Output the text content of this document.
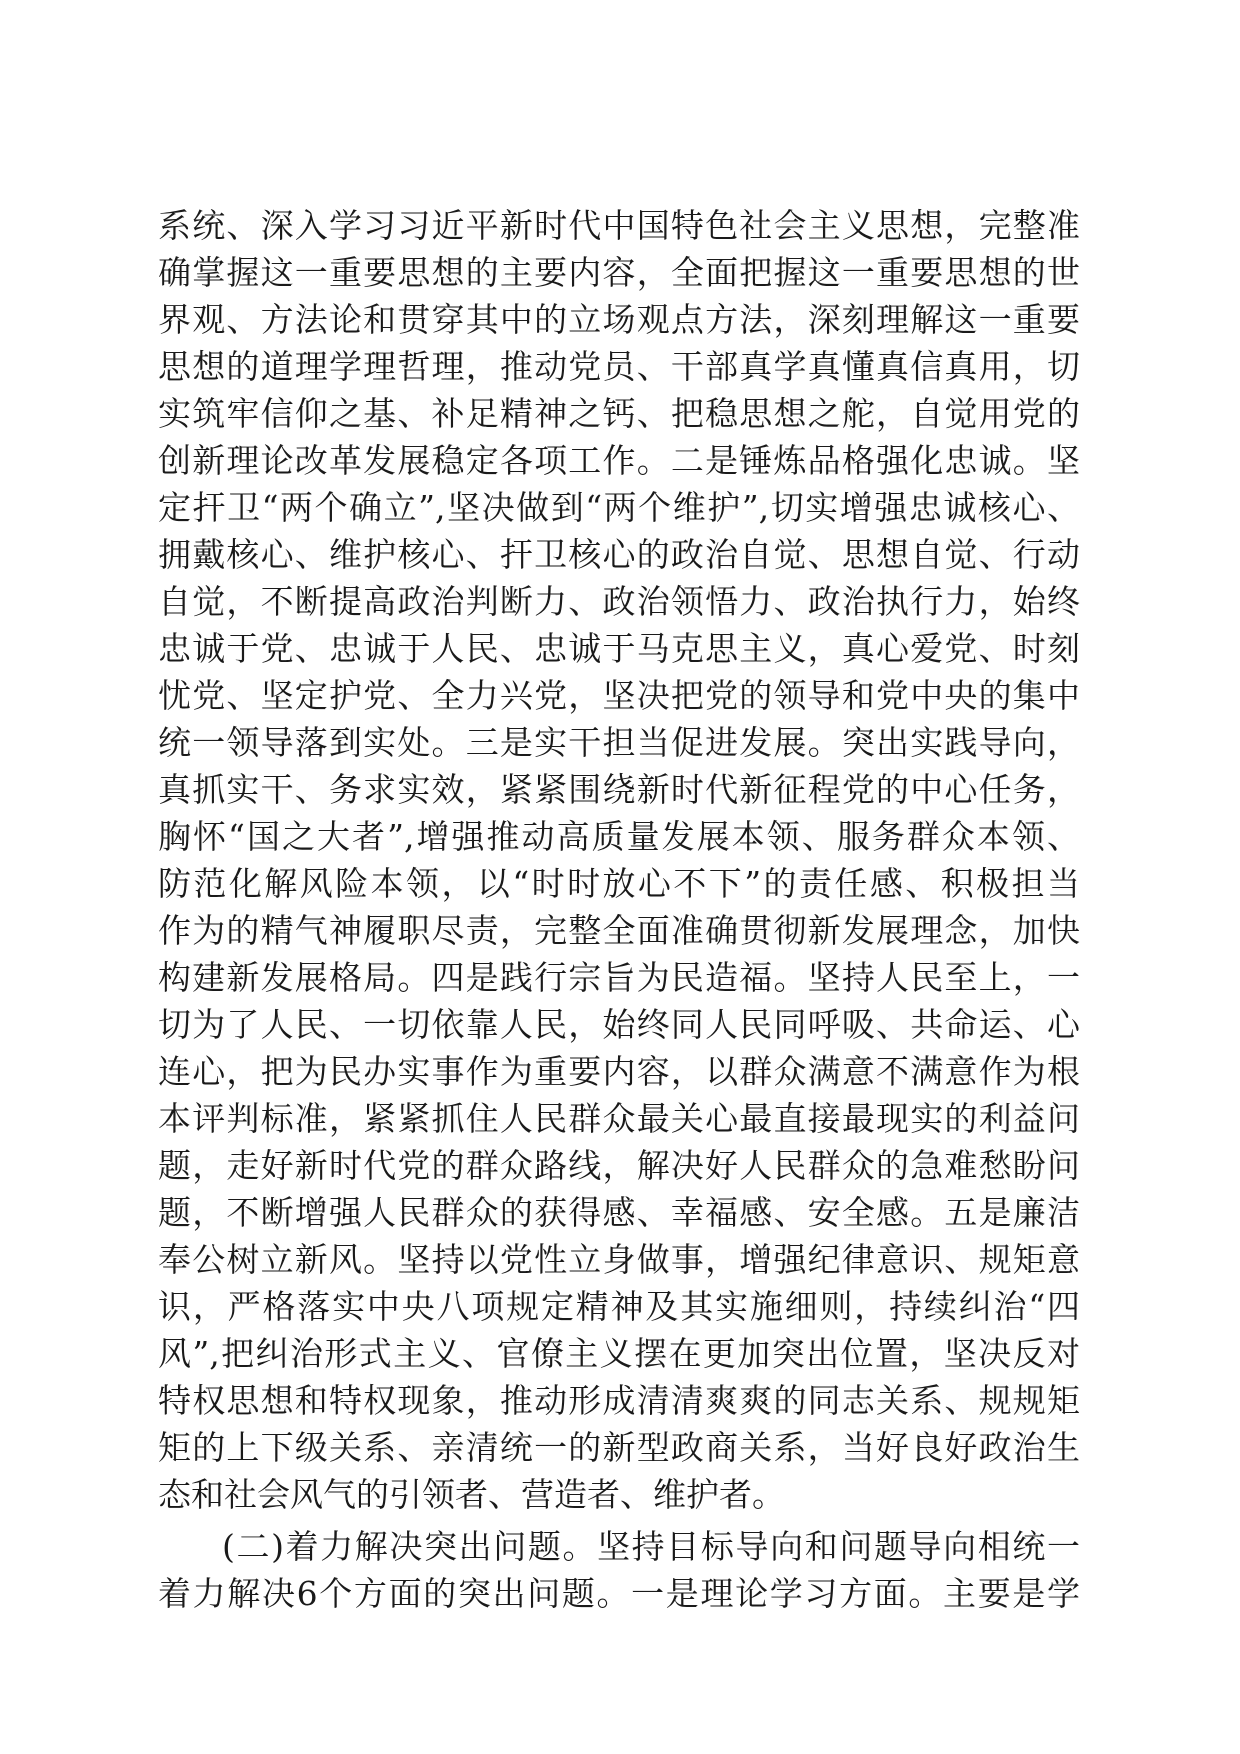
系统、深入学习习近平新时代中国特色社会主义思想，完整准
确掌握这一重要思想的主要内容，全面把握这一重要思想的世
界观、方法论和贯穿其中的立场观点方法，深刻理解这一重要
思想的道理学理哲理，推动党员、干部真学真懂真信真用，切
实筑牢信仰之基、补足精神之钙、把稳思想之舵，自觉用党的
创新理论改革发展稳定各项工作。二是锤炼品格强化忠诚。坚
定扞卫“两个确立”,坚决做到“两个维护”,切实增强忠诚核心、
拥戴核心、维护核心、扞卫核心的政治自觉、思想自觉、行动
自觉，不断提高政治判断力、政治领悟力、政治执行力，始终
忠诚于党、忠诚于人民、忠诚于马克思主义，真心爱党、时刻
忧党、坚定护党、全力兴党，坚决把党的领导和党中央的集中
统一领导落到实处。三是实干担当促进发展。突出实践导向，
真抓实干、务求实效，紧紧围绕新时代新征程党的中心任务，
胸怀“国之大者”,增强推动高质量发展本领、服务群众本领、
防范化解风险本领，以“时时放心不下”的责任感、积极担当
作为的精气神履职尽责，完整全面准确贯彻新发展理念，加快
构建新发展格局。四是践行宗旨为民造福。坚持人民至上，一
切为了人民、一切依靠人民，始终同人民同呼吸、共命运、心
连心，把为民办实事作为重要内容，以群众满意不满意作为根
本评判标准，紧紧抓住人民群众最关心最直接最现实的利益问
题，走好新时代党的群众路线，解决好人民群众的急难愁盼问
题，不断增强人民群众的获得感、幸福感、安全感。五是廉洁
奉公树立新风。坚持以党性立身做事，增强纪律意识、规矩意
识，严格落实中央八项规定精神及其实施细则，持续纠治“四
风”,把纠治形式主义、官僚主义摆在更加突出位置，坚决反对
特权思想和特权现象，推动形成清清爽爽的同志关系、规规矩
矩的上下级关系、亲清统一的新型政商关系，当好良好政治生
态和社会风气的引领者、营造者、维护者。
(二)着力解决突出问题。坚持目标导向和问题导向相统一
着力解决6个方面的突出问题。一是理论学习方面。主要是学
